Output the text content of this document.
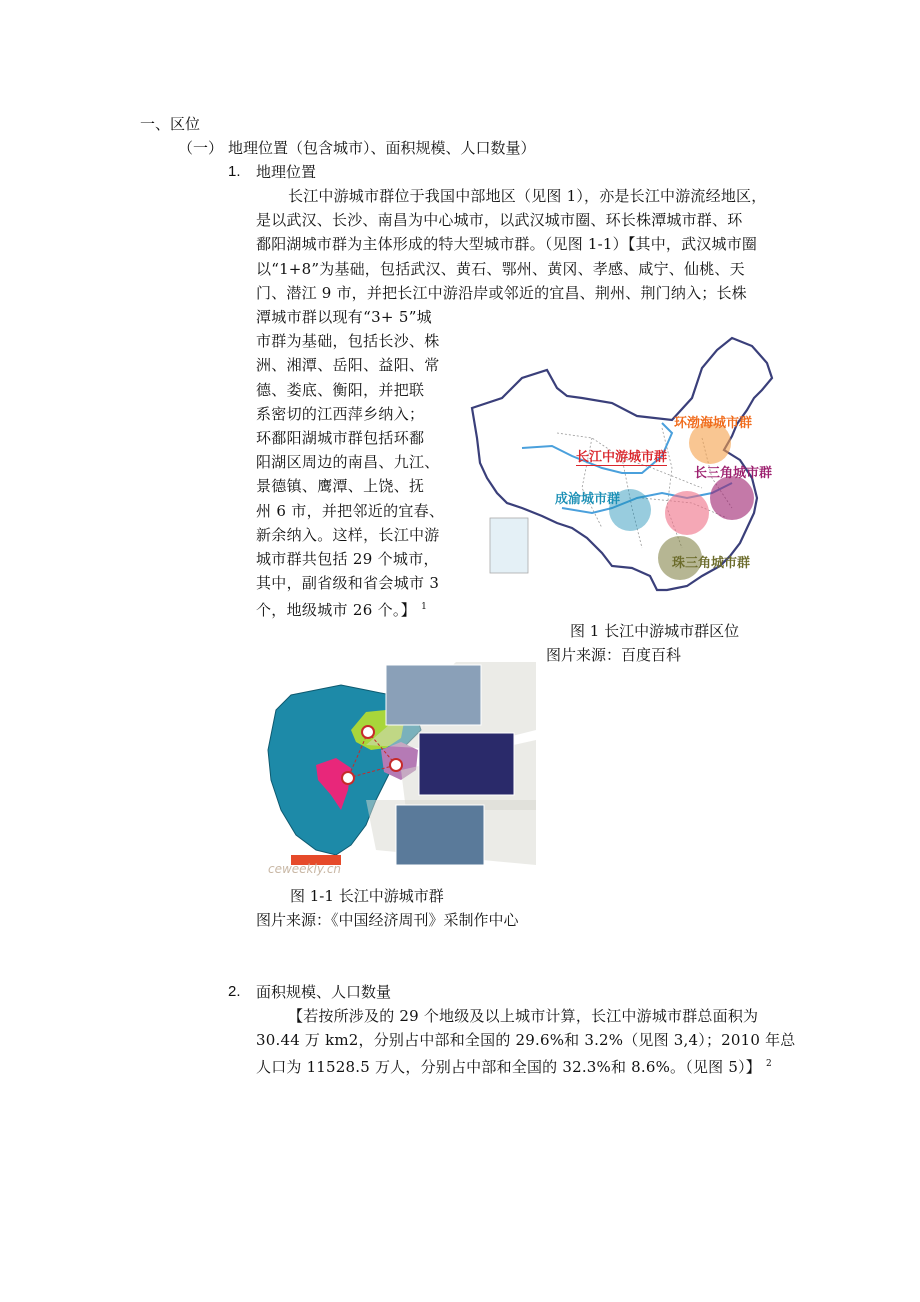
一、区位
（一） 地理位置（包含城市）、面积规模、人口数量）
1. 地理位置
长江中游城市群位于我国中部地区（见图 1），亦是长江中游流经地区，
是以武汉、长沙、南昌为中心城市，以武汉城市圈、环长株潭城市群、环
鄱阳湖城市群为主体形成的特大型城市群。（见图 1-1）【其中，武汉城市圈
以“1+8”为基础，包括武汉、黄石、鄂州、黄冈、孝感、咸宁、仙桃、天
门、潜江 9 市，并把长江中游沿岸或邻近的宜昌、荆州、荆门纳入；长株
潭城市群以现有“3+ 5”城
市群为基础，包括长沙、株
洲、湘潭、岳阳、益阳、常
德、娄底、衡阳，并把联
系密切的江西萍乡纳入；
环鄱阳湖城市群包括环鄱
阳湖区周边的南昌、九江、
景德镇、鹰潭、上饶、抚
州 6 市，并把邻近的宜春、
新余纳入。这样，长江中游
城市群共包括 29 个城市，
其中，副省级和省会城市 3
个，地级城市 26 个。】 $^1$
环渤海城市群
长江中游城市群
长三角城市群
成渝城市群
珠三角城市群
图 1 长江中游城市群区位
图片来源：百度百科
ceweekly.cn
图 1-1 长江中游城市群
图片来源：《中国经济周刊》采制作中心
2. 面积规模、人口数量
【若按所涉及的 29 个地级及以上城市计算，长江中游城市群总面积为
30.44 万 km2，分别占中部和全国的 29.6%和 3.2%（见图 3,4）；2010 年总
人口为 11528.5 万人，分别占中部和全国的 32.3%和 8.6%。（见图 5）】 $^2$
